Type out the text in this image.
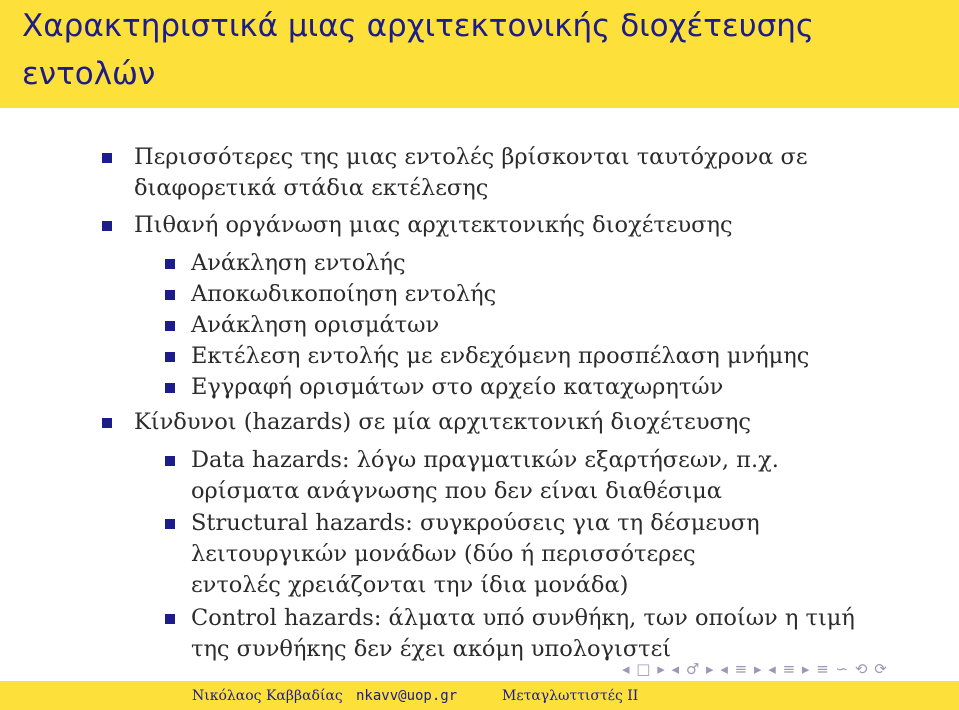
Χαρακτηριστικά μιας αρχιτεκτονικής διοχέτευσης εντολών
Περισσότερες της μιας εντολές βρίσκονται ταυτόχρονα σε διαφορετικά στάδια εκτέλεσης
Πιθανή οργάνωση μιας αρχιτεκτονικής διοχέτευσης
Ανάκληση εντολής
Αποκωδικοποίηση εντολής
Ανάκληση ορισμάτων
Εκτέλεση εντολής με ενδεχόμενη προσπέλαση μνήμης
Εγγραφή ορισμάτων στο αρχείο καταχωρητών
Κίνδυνοι (hazards) σε μία αρχιτεκτονική διοχέτευσης
Data hazards: λόγω πραγματικών εξαρτήσεων, π.χ. ορίσματα ανάγνωσης που δεν είναι διαθέσιμα
Structural hazards: συγκρούσεις για τη δέσμευση λειτουργικών μονάδων (δύο ή περισσότερες εντολές χρειάζονται την ίδια μονάδα)
Control hazards: άλματα υπό συνθήκη, των οποίων η τιμή της συνθήκης δεν έχει ακόμη υπολογιστεί
◂ □ ▸ ◂ ♂ ▸ ◂ ≡ ▸ ◂ ≡ ▸ ≡ ∽ ⟲ ⟳
Νικόλαος Καββαδίας nkavv@uop.gr	Μεταγλωττιστές ΙΙ
